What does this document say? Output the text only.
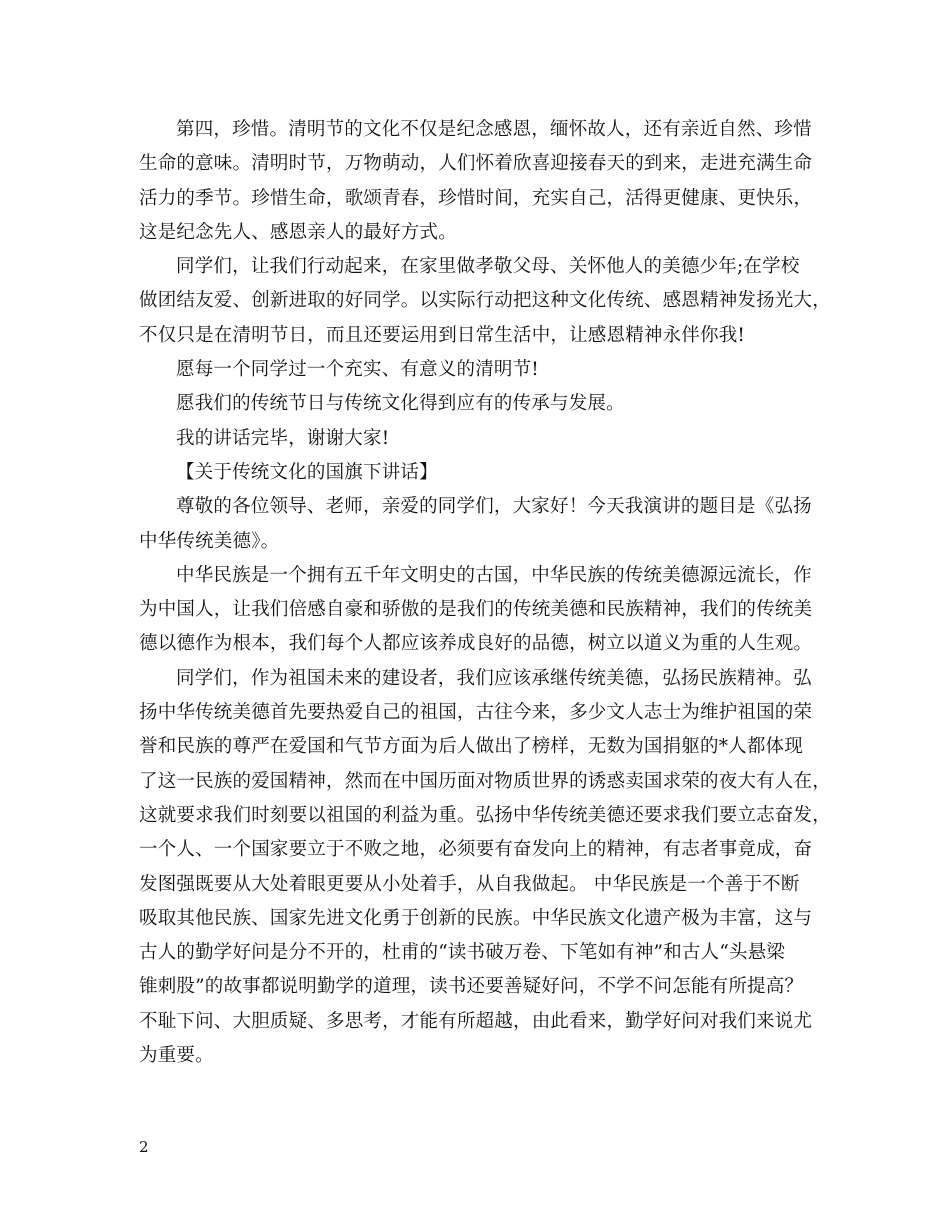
第四，珍惜。清明节的文化不仅是纪念感恩，缅怀故人，还有亲近自然、珍惜
生命的意味。清明时节，万物萌动，人们怀着欣喜迎接春天的到来，走进充满生命
活力的季节。珍惜生命，歌颂青春，珍惜时间，充实自己，活得更健康、更快乐，
这是纪念先人、感恩亲人的最好方式。
同学们，让我们行动起来，在家里做孝敬父母、关怀他人的美德少年;在学校
做团结友爱、创新进取的好同学。以实际行动把这种文化传统、感恩精神发扬光大，
不仅只是在清明节日，而且还要运用到日常生活中，让感恩精神永伴你我!
愿每一个同学过一个充实、有意义的清明节!
愿我们的传统节日与传统文化得到应有的传承与发展。
我的讲话完毕，谢谢大家!
【关于传统文化的国旗下讲话】
尊敬的各位领导、老师，亲爱的同学们，大家好！今天我演讲的题目是《弘扬
中华传统美德》。
中华民族是一个拥有五千年文明史的古国，中华民族的传统美德源远流长，作
为中国人，让我们倍感自豪和骄傲的是我们的传统美德和民族精神，我们的传统美
德以德作为根本，我们每个人都应该养成良好的品德，树立以道义为重的人生观。
同学们，作为祖国未来的建设者，我们应该承继传统美德，弘扬民族精神。弘
扬中华传统美德首先要热爱自己的祖国，古往今来，多少文人志士为维护祖国的荣
誉和民族的尊严在爱国和气节方面为后人做出了榜样，无数为国捐躯的*人都体现
了这一民族的爱国精神，然而在中国历面对物质世界的诱惑卖国求荣的夜大有人在，
这就要求我们时刻要以祖国的利益为重。弘扬中华传统美德还要求我们要立志奋发，
一个人、一个国家要立于不败之地，必须要有奋发向上的精神，有志者事竟成，奋
发图强既要从大处着眼更要从小处着手，从自我做起。 中华民族是一个善于不断
吸取其他民族、国家先进文化勇于创新的民族。中华民族文化遗产极为丰富，这与
古人的勤学好问是分不开的，杜甫的“读书破万卷、下笔如有神”和古人“头悬梁
锥刺股”的故事都说明勤学的道理，读书还要善疑好问，不学不问怎能有所提高？
不耻下问、大胆质疑、多思考，才能有所超越，由此看来，勤学好问对我们来说尤
为重要。
2
